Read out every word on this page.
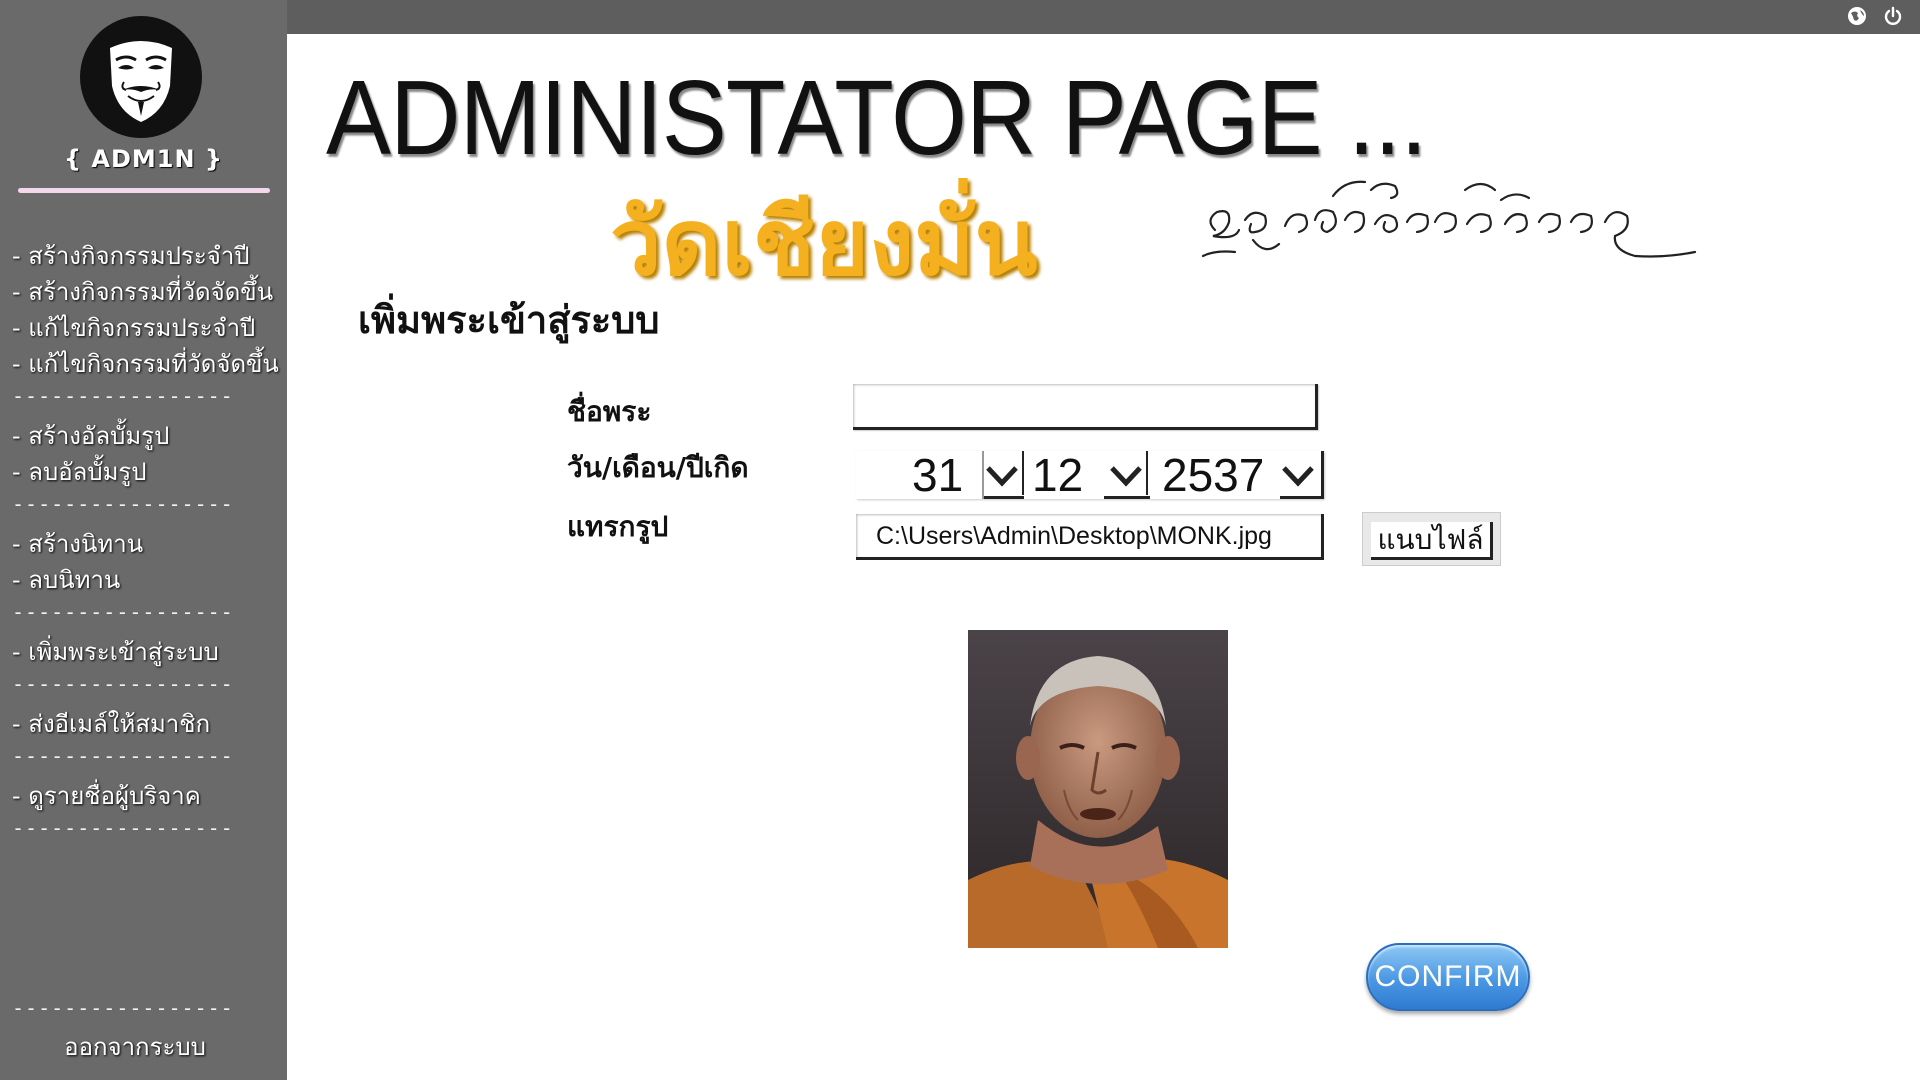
{ ADM1N }
- สร้างกิจกรรมประจำปี
- สร้างกิจกรรมที่วัดจัดขึ้น
- แก้ไขกิจกรรมประจำปี
- แก้ไขกิจกรรมที่วัดจัดขึ้น
-----------------
- สร้างอัลบั้มรูป
- ลบอัลบั้มรูป
-----------------
- สร้างนิทาน
- ลบนิทาน
-----------------
- เพิ่มพระเข้าสู่ระบบ
-----------------
- ส่งอีเมล์ให้สมาชิก
-----------------
- ดูรายชื่อผู้บริจาค
-----------------
-----------------
ออกจากระบบ
ADMINISTATOR PAGE ...
วัดเชียงมั่น
เพิ่มพระเข้าสู่ระบบ
ชื่อพระ
วัน/เดือน/ปีเกิด	31 12 2537
แทรกรูป	C:\Users\Admin\Desktop\MONK.jpg	แนบไฟล์
CONFIRM
